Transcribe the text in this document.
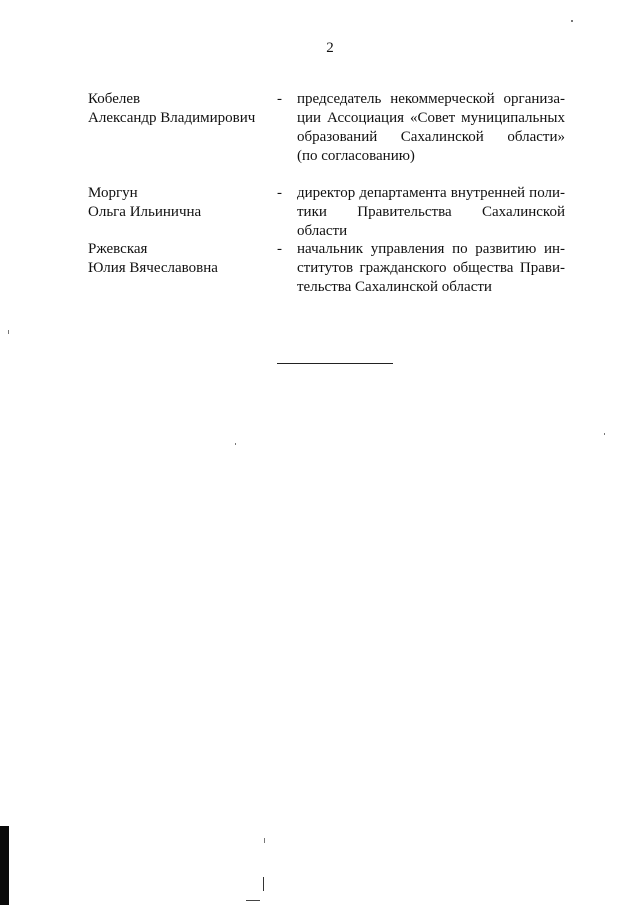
2
Кобелев
Александр Владимирович
- председатель некоммерческой организа-
ции Ассоциация «Совет муниципальных
образований Сахалинской области»
(по согласованию)
Моргун
Ольга Ильинична
- директор департамента внутренней поли-
тики Правительства Сахалинской области
Ржевская
Юлия Вячеславовна
- начальник управления по развитию ин-
ститутов гражданского общества Прави-
тельства Сахалинской области
